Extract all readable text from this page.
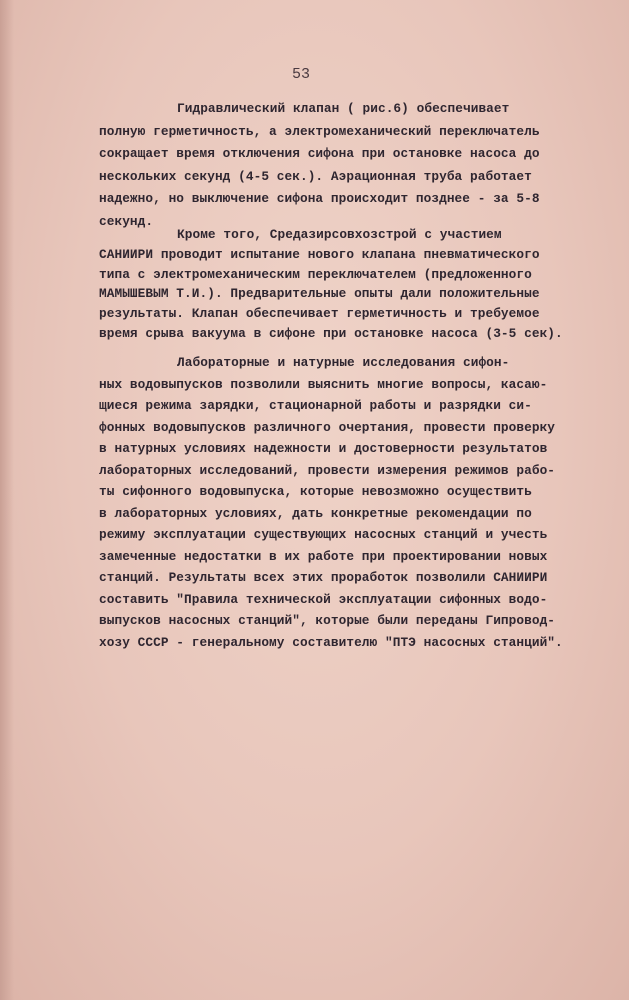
53
Гидравлический клапан ( рис.6) обеспечивает
полную герметичность, а электромеханический переключатель
сокращает время отключения сифона при остановке насоса до
нескольких секунд (4-5 сек.). Аэрационная труба работает
надежно, но выключение сифона происходит позднее - за 5-8
секунд.
Кроме того, Средазирсовхозстрой с участием
САНИИРИ проводит испытание нового клапана пневматического
типа с электромеханическим переключателем (предложенного
МАМЫШЕВЫМ Т.И.). Предварительные опыты дали положительные
результаты. Клапан обеспечивает герметичность и требуемое
время срыва вакуума в сифоне при остановке насоса (3-5 сек).
Лабораторные и натурные исследования сифон-
ных водовыпусков позволили выяснить многие вопросы, касаю-
щиеся режима зарядки, стационарной работы и разрядки си-
фонных водовыпусков различного очертания, провести проверку
в натурных условиях надежности и достоверности результатов
лабораторных исследований, провести измерения режимов рабо-
ты сифонного водовыпуска, которые невозможно осуществить
в лабораторных условиях, дать конкретные рекомендации по
режиму эксплуатации существующих насосных станций и учесть
замеченные недостатки в их работе при проектировании новых
станций. Результаты всех этих проработок позволили САНИИРИ
составить "Правила технической эксплуатации сифонных водо-
выпусков насосных станций", которые были переданы Гипровод-
хозу СССР - генеральному составителю "ПТЭ насосных станций".
